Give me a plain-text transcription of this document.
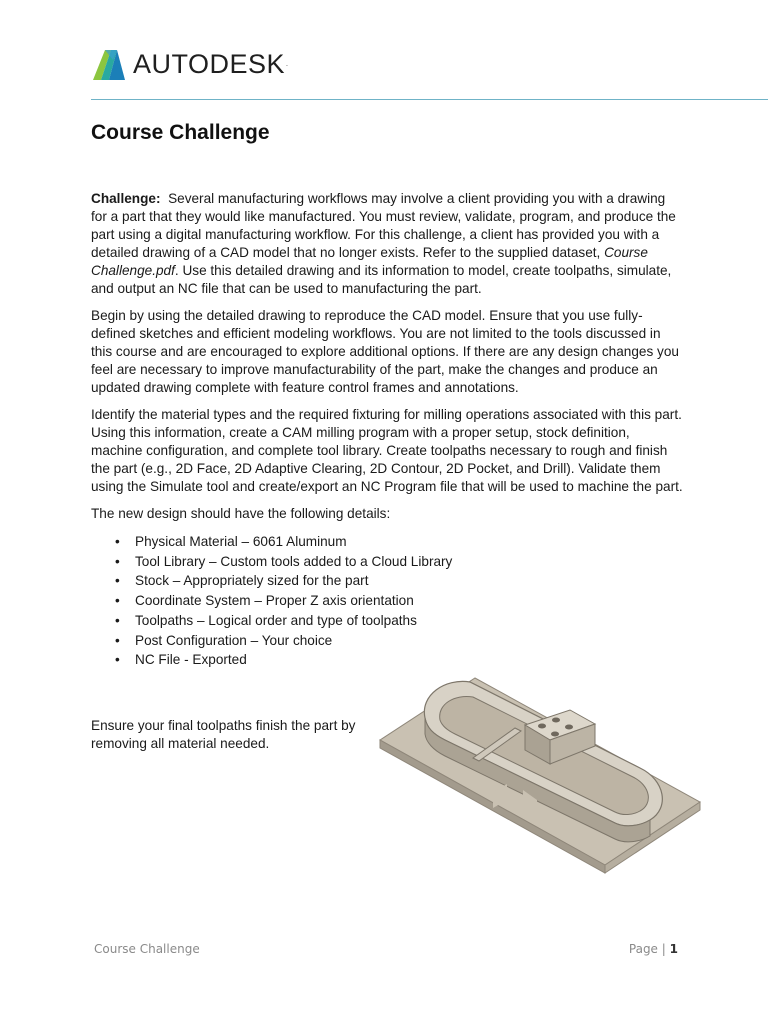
AUTODESK .
Course Challenge

Challenge: Several manufacturing workflows may involve a client providing you with a drawing for a part that they would like manufactured. You must review, validate, program, and produce the part using a digital manufacturing workflow. For this challenge, a client has provided you with a detailed drawing of a CAD model that no longer exists. Refer to the supplied dataset, Course Challenge.pdf. Use this detailed drawing and its information to model, create toolpaths, simulate, and output an NC file that can be used to manufacturing the part.

Begin by using the detailed drawing to reproduce the CAD model. Ensure that you use fully-defined sketches and efficient modeling workflows. You are not limited to the tools discussed in this course and are encouraged to explore additional options. If there are any design changes you feel are necessary to improve manufacturability of the part, make the changes and produce an updated drawing complete with feature control frames and annotations.

Identify the material types and the required fixturing for milling operations associated with this part. Using this information, create a CAM milling program with a proper setup, stock definition, machine configuration, and complete tool library. Create toolpaths necessary to rough and finish the part (e.g., 2D Face, 2D Adaptive Clearing, 2D Contour, 2D Pocket, and Drill). Validate them using the Simulate tool and create/export an NC Program file that will be used to machine the part.

The new design should have the following details:

• Physical Material – 6061 Aluminum
• Tool Library – Custom tools added to a Cloud Library
• Stock – Appropriately sized for the part
• Coordinate System – Proper Z axis orientation
• Toolpaths – Logical order and type of toolpaths
• Post Configuration – Your choice
• NC File - Exported
Ensure your final toolpaths finish the part by removing all material needed.
Course Challenge	Page | 1
